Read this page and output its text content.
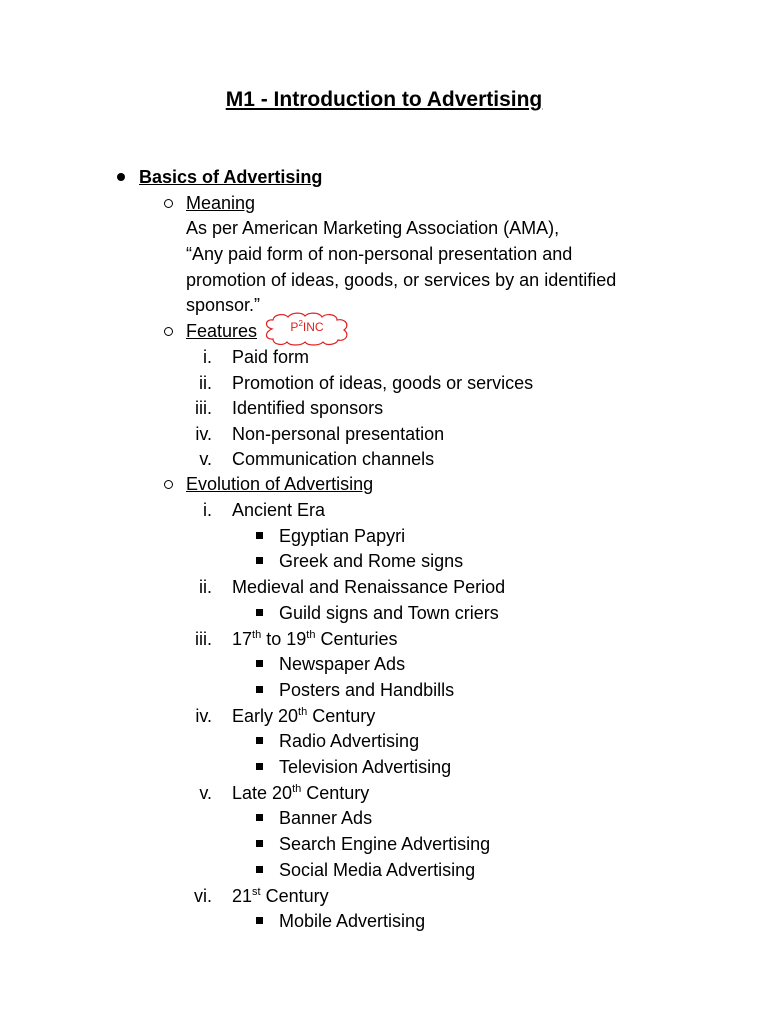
M1 - Introduction to Advertising
Basics of Advertising
Meaning
As per American Marketing Association (AMA),
“Any paid form of non-personal presentation and
promotion of ideas, goods, or services by an identified
sponsor.”
Features	$P^2INC$
i. Paid form
ii. Promotion of ideas, goods or services
iii. Identified sponsors
iv. Non-personal presentation
v. Communication channels
Evolution of Advertising
i. Ancient Era
Egyptian Papyri
Greek and Rome signs
ii. Medieval and Renaissance Period
Guild signs and Town criers
iii. 17th to 19th Centuries
Newspaper Ads
Posters and Handbills
iv. Early 20th Century
Radio Advertising
Television Advertising
v. Late 20th Century
Banner Ads
Search Engine Advertising
Social Media Advertising
vi. 21st Century
Mobile Advertising
